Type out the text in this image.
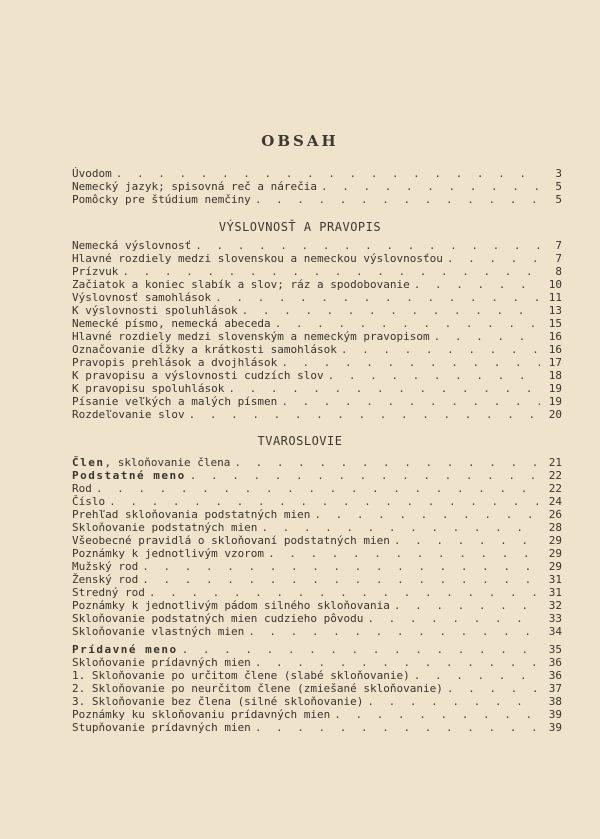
OBSAH
Úvodom . . .	3
Nemecký jazyk; spisovná reč a nárečia . . .	5
Pomôcky pre štúdium nemčiny . . .	5
VÝSLOVNOSŤ A PRAVOPIS
Nemecká výslovnosť . . .	7
Hlavné rozdiely medzi slovenskou a nemeckou výslovnosťou . . .	7
Prízvuk . . .	8
Začiatok a koniec slabík a slov; ráz a spodobovanie . . .	10
Výslovnosť samohlások . . .	11
K výslovnosti spoluhlások . . .	13
Nemecké písmo, nemecká abeceda . . .	15
Hlavné rozdiely medzi slovenským a nemeckým pravopisom . . .	16
Označovanie dĺžky a krátkosti samohlások . . .	16
Pravopis prehlások a dvojhlások . . .	17
K pravopisu a výslovnosti cudzích slov . . .	18
K pravopisu spoluhlások . . .	19
Písanie veľkých a malých písmen . . .	19
Rozdeľovanie slov . . .	20
TVAROSLOVIE
Člen, skloňovanie člena . . .	21
Podstatné meno . . .	22
Rod . . .	22
Číslo . . .	24
Prehľad skloňovania podstatných mien . . .	26
Skloňovanie podstatných mien . . .	28
Všeobecné pravidlá o skloňovaní podstatných mien . . .	29
Poznámky k jednotlivým vzorom . . .	29
Mužský rod . . .	29
Ženský rod . . .	31
Stredný rod . . .	31
Poznámky k jednotlivým pádom silného skloňovania . . .	32
Skloňovanie podstatných mien cudzieho pôvodu . . .	33
Skloňovanie vlastných mien . . .	34
Prídavné meno . . .	35
Skloňovanie prídavných mien . . .	36
1. Skloňovanie po určitom člene (slabé skloňovanie) . . .	36
2. Skloňovanie po neurčitom člene (zmiešané skloňovanie) . . .	37
3. Skloňovanie bez člena (silné skloňovanie) . . .	38
Poznámky ku skloňovaniu prídavných mien . . .	39
Stupňovanie prídavných mien . . .	39
